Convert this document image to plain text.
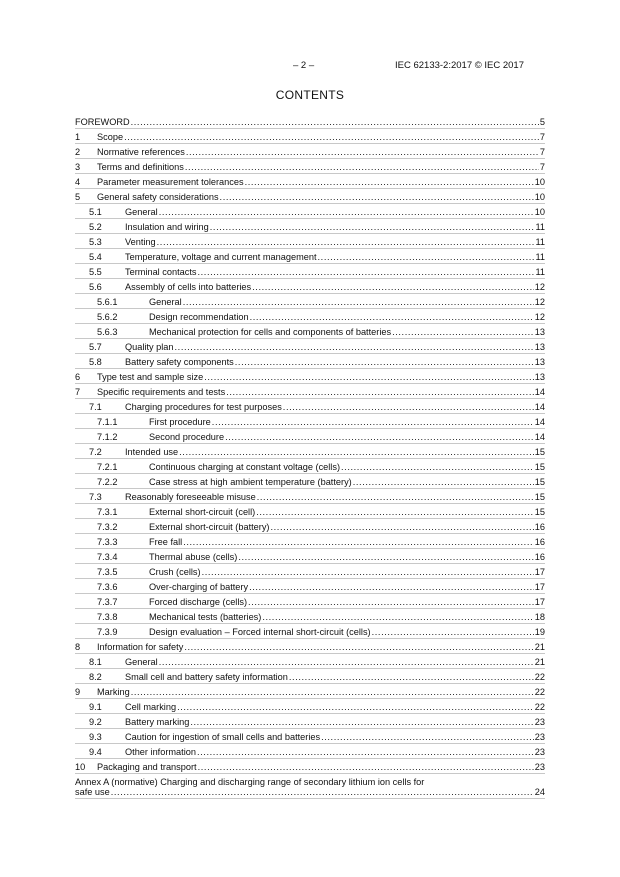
– 2 –	IEC 62133-2:2017 © IEC 2017
CONTENTS
FOREWORD .....	5
1	Scope .....	7
2	Normative references .....	7
3	Terms and definitions .....	7
4	Parameter measurement tolerances .....	10
5	General safety considerations .....	10
5.1	General .....	10
5.2	Insulation and wiring .....	11
5.3	Venting .....	11
5.4	Temperature, voltage and current management .....	11
5.5	Terminal contacts .....	11
5.6	Assembly of cells into batteries .....	12
5.6.1	General .....	12
5.6.2	Design recommendation .....	12
5.6.3	Mechanical protection for cells and components of batteries .....	13
5.7	Quality plan .....	13
5.8	Battery safety components .....	13
6	Type test and sample size .....	13
7	Specific requirements and tests .....	14
7.1	Charging procedures for test purposes .....	14
7.1.1	First procedure .....	14
7.1.2	Second procedure .....	14
7.2	Intended use .....	15
7.2.1	Continuous charging at constant voltage (cells) .....	15
7.2.2	Case stress at high ambient temperature (battery) .....	15
7.3	Reasonably foreseeable misuse .....	15
7.3.1	External short-circuit (cell) .....	15
7.3.2	External short-circuit (battery) .....	16
7.3.3	Free fall .....	16
7.3.4	Thermal abuse (cells) .....	16
7.3.5	Crush (cells) .....	17
7.3.6	Over-charging of battery .....	17
7.3.7	Forced discharge (cells) .....	17
7.3.8	Mechanical tests (batteries) .....	18
7.3.9	Design evaluation – Forced internal short-circuit (cells) .....	19
8	Information for safety .....	21
8.1	General .....	21
8.2	Small cell and battery safety information .....	22
9	Marking .....	22
9.1	Cell marking .....	22
9.2	Battery marking .....	23
9.3	Caution for ingestion of small cells and batteries .....	23
9.4	Other information .....	23
10	Packaging and transport .....	23
Annex A (normative) Charging and discharging range of secondary lithium ion cells for
safe use .....	24
